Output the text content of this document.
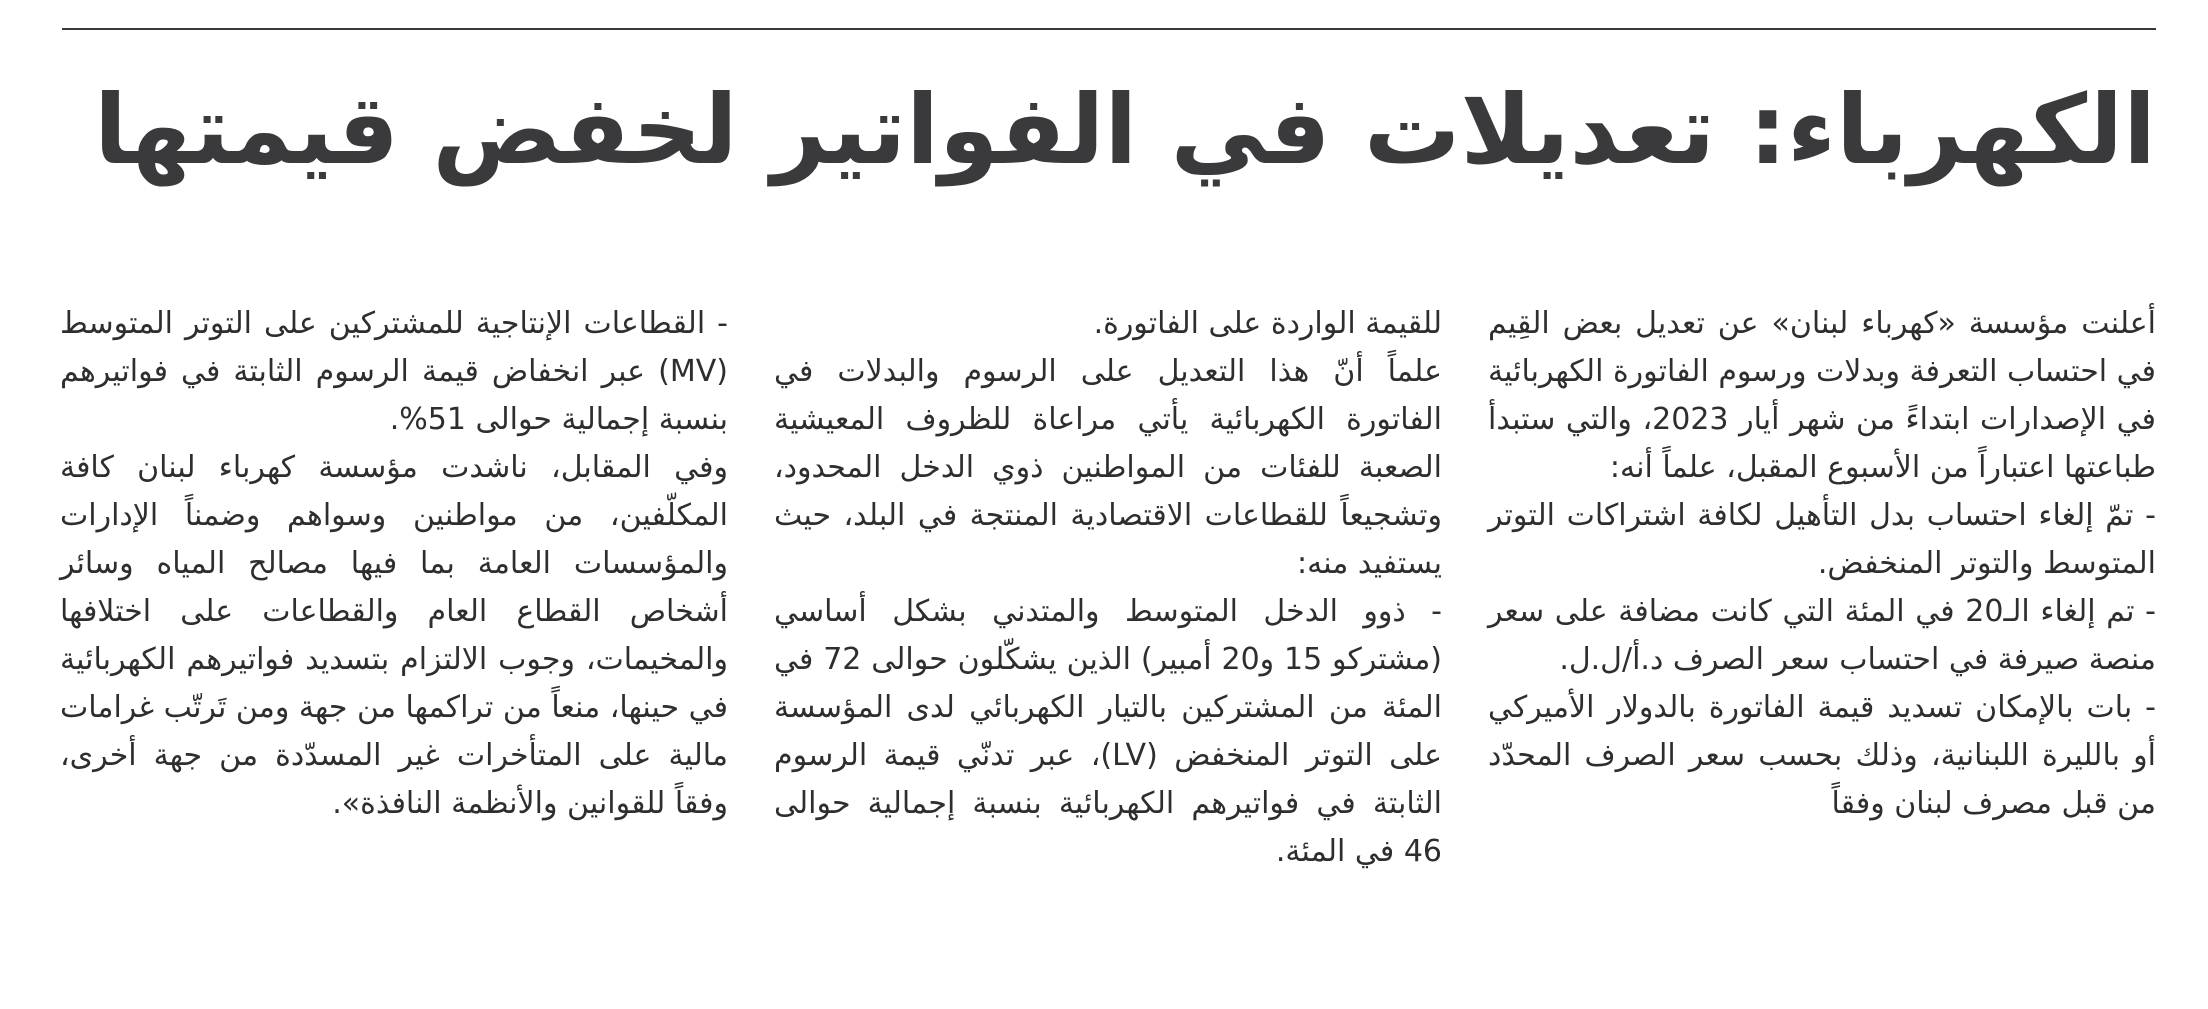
الكهرباء: تعديلات في الفواتير لخفض قيمتها

أعلنت مؤسسة «كهرباء لبنان» عن تعديل بعض القِيم في احتساب التعرفة وبدلات ورسوم الفاتورة الكهربائية في الإصدارات ابتداءً من شهر أيار 2023، والتي ستبدأ طباعتها اعتباراً من الأسبوع المقبل، علماً أنه:

- تمّ إلغاء احتساب بدل التأهيل لكافة اشتراكات التوتر المتوسط والتوتر المنخفض.

- تم إلغاء الـ20 في المئة التي كانت مضافة على سعر منصة صيرفة في احتساب سعر الصرف د.أ/ل.ل.

- بات بالإمكان تسديد قيمة الفاتورة بالدولار الأميركي أو بالليرة اللبنانية، وذلك بحسب سعر الصرف المحدّد من قبل مصرف لبنان وفقاً

للقيمة الواردة على الفاتورة.

علماً أنّ هذا التعديل على الرسوم والبدلات في الفاتورة الكهربائية يأتي مراعاة للظروف المعيشية الصعبة للفئات من المواطنين ذوي الدخل المحدود، وتشجيعاً للقطاعات الاقتصادية المنتجة في البلد، حيث يستفيد منه:

- ذوو الدخل المتوسط والمتدني بشكل أساسي (مشتركو 15 و20 أمبير) الذين يشكّلون حوالى 72 في المئة من المشتركين بالتيار الكهربائي لدى المؤسسة على التوتر المنخفض (LV)، عبر تدنّي قيمة الرسوم الثابتة في فواتيرهم الكهربائية بنسبة إجمالية حوالى 46 في المئة.

- القطاعات الإنتاجية للمشتركين على التوتر المتوسط (MV) عبر انخفاض قيمة الرسوم الثابتة في فواتيرهم بنسبة إجمالية حوالى 51%.

وفي المقابل، ناشدت مؤسسة كهرباء لبنان كافة المكلّفين، من مواطنين وسواهم وضمناً الإدارات والمؤسسات العامة بما فيها مصالح المياه وسائر أشخاص القطاع العام والقطاعات على اختلافها والمخيمات، وجوب الالتزام بتسديد فواتيرهم الكهربائية في حينها، منعاً من تراكمها من جهة ومن تَرتّب غرامات مالية على المتأخرات غير المسدّدة من جهة أخرى، وفقاً للقوانين والأنظمة النافذة».
